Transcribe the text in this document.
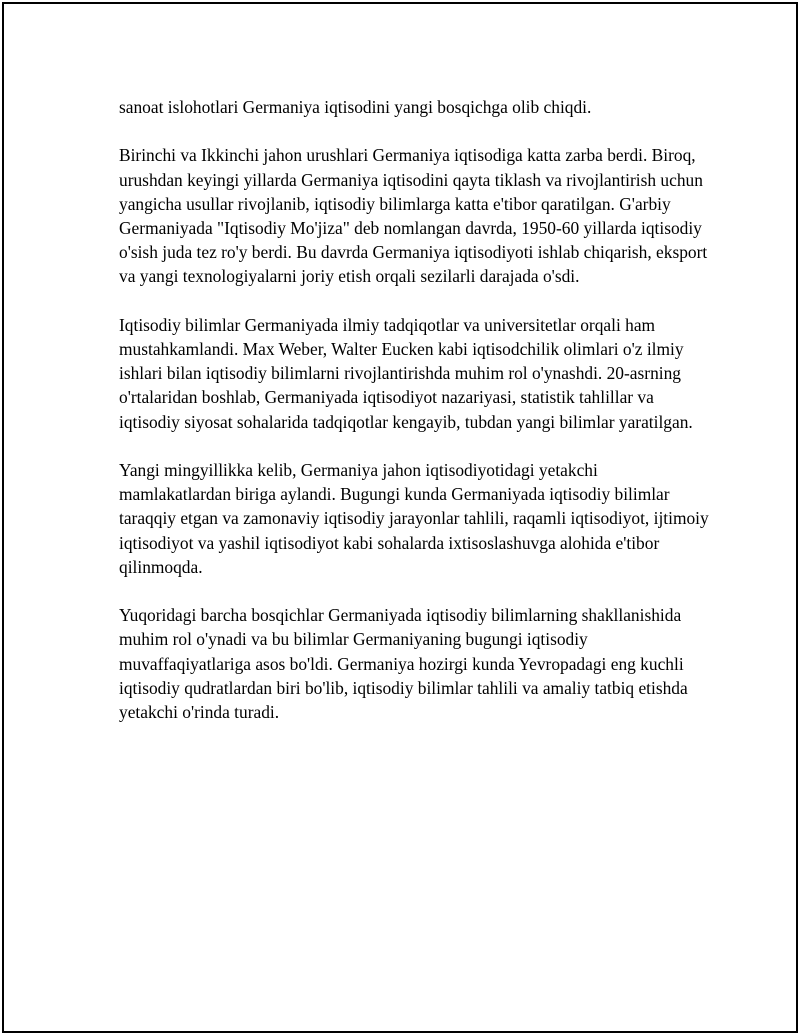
sanoat islohotlari Germaniya iqtisodini yangi bosqichga olib chiqdi.

Birinchi va Ikkinchi jahon urushlari Germaniya iqtisodiga katta zarba berdi. Biroq, urushdan keyingi yillarda Germaniya iqtisodini qayta tiklash va rivojlantirish uchun yangicha usullar rivojlanib, iqtisodiy bilimlarga katta e'tibor qaratilgan. G'arbiy Germaniyada "Iqtisodiy Mo'jiza" deb nomlangan davrda, 1950-60 yillarda iqtisodiy o'sish juda tez ro'y berdi. Bu davrda Germaniya iqtisodiyoti ishlab chiqarish, eksport va yangi texnologiyalarni joriy etish orqali sezilarli darajada o'sdi.

Iqtisodiy bilimlar Germaniyada ilmiy tadqiqotlar va universitetlar orqali ham mustahkamlandi. Max Weber, Walter Eucken kabi iqtisodchilik olimlari o'z ilmiy ishlari bilan iqtisodiy bilimlarni rivojlantirishda muhim rol o'ynashdi. 20-asrning o'rtalaridan boshlab, Germaniyada iqtisodiyot nazariyasi, statistik tahlillar va iqtisodiy siyosat sohalarida tadqiqotlar kengayib, tubdan yangi bilimlar yaratilgan.

Yangi mingyillikka kelib, Germaniya jahon iqtisodiyotidagi yetakchi mamlakatlardan biriga aylandi. Bugungi kunda Germaniyada iqtisodiy bilimlar taraqqiy etgan va zamonaviy iqtisodiy jarayonlar tahlili, raqamli iqtisodiyot, ijtimoiy iqtisodiyot va yashil iqtisodiyot kabi sohalarda ixtisoslashuvga alohida e'tibor qilinmoqda.

Yuqoridagi barcha bosqichlar Germaniyada iqtisodiy bilimlarning shakllanishida muhim rol o'ynadi va bu bilimlar Germaniyaning bugungi iqtisodiy muvaffaqiyatlariga asos bo'ldi. Germaniya hozirgi kunda Yevropadagi eng kuchli iqtisodiy qudratlardan biri bo'lib, iqtisodiy bilimlar tahlili va amaliy tatbiq etishda yetakchi o'rinda turadi.
